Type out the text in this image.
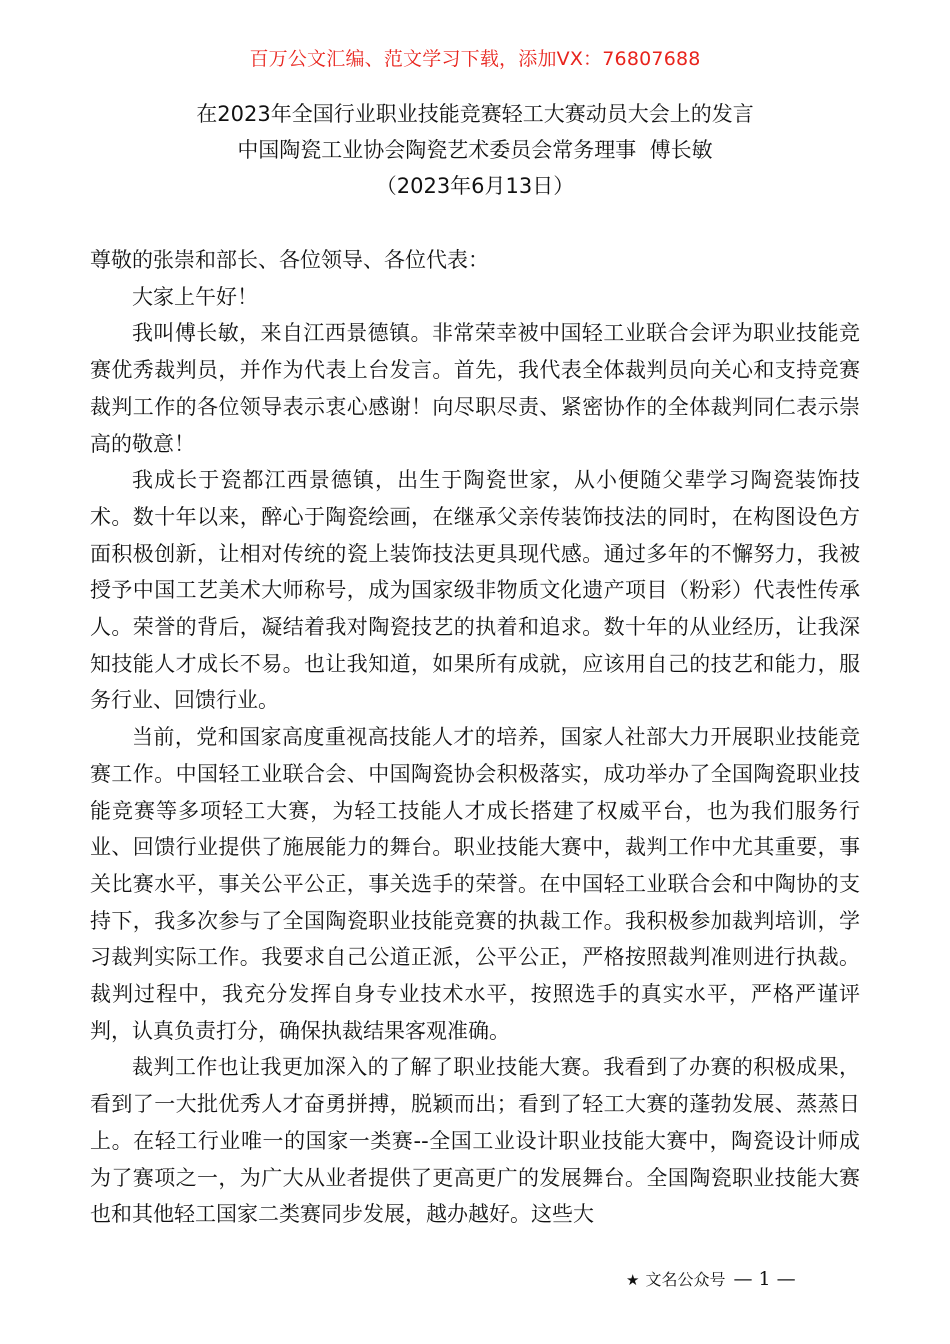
百万公文汇编、范文学习下载，添加VX：76807688
在2023年全国行业职业技能竞赛轻工大赛动员大会上的发言
中国陶瓷工业协会陶瓷艺术委员会常务理事  傅长敏
（2023年6月13日）

尊敬的张崇和部长、各位领导、各位代表：

大家上午好！

我叫傅长敏，来自江西景德镇。非常荣幸被中国轻工业联合会评为职业技能竞赛优秀裁判员，并作为代表上台发言。首先，我代表全体裁判员向关心和支持竞赛裁判工作的各位领导表示衷心感谢！向尽职尽责、紧密协作的全体裁判同仁表示崇高的敬意！

我成长于瓷都江西景德镇，出生于陶瓷世家，从小便随父辈学习陶瓷装饰技术。数十年以来，醉心于陶瓷绘画，在继承父亲传装饰技法的同时，在构图设色方面积极创新，让相对传统的瓷上装饰技法更具现代感。通过多年的不懈努力，我被授予中国工艺美术大师称号，成为国家级非物质文化遗产项目（粉彩）代表性传承人。荣誉的背后，凝结着我对陶瓷技艺的执着和追求。数十年的从业经历，让我深知技能人才成长不易。也让我知道，如果所有成就，应该用自己的技艺和能力，服务行业、回馈行业。

当前，党和国家高度重视高技能人才的培养，国家人社部大力开展职业技能竞赛工作。中国轻工业联合会、中国陶瓷协会积极落实，成功举办了全国陶瓷职业技能竞赛等多项轻工大赛，为轻工技能人才成长搭建了权威平台，也为我们服务行业、回馈行业提供了施展能力的舞台。职业技能大赛中，裁判工作中尤其重要，事关比赛水平，事关公平公正，事关选手的荣誉。在中国轻工业联合会和中陶协的支持下，我多次参与了全国陶瓷职业技能竞赛的执裁工作。我积极参加裁判培训，学习裁判实际工作。我要求自己公道正派，公平公正，严格按照裁判准则进行执裁。裁判过程中，我充分发挥自身专业技术水平，按照选手的真实水平，严格严谨评判，认真负责打分，确保执裁结果客观准确。

裁判工作也让我更加深入的了解了职业技能大赛。我看到了办赛的积极成果，看到了一大批优秀人才奋勇拼搏，脱颖而出；看到了轻工大赛的蓬勃发展、蒸蒸日上。在轻工行业唯一的国家一类赛--全国工业设计职业技能大赛中，陶瓷设计师成为了赛项之一，为广大从业者提供了更高更广的发展舞台。全国陶瓷职业技能大赛也和其他轻工国家二类赛同步发展，越办越好。这些大

★ 文名公众号 — 1 —
